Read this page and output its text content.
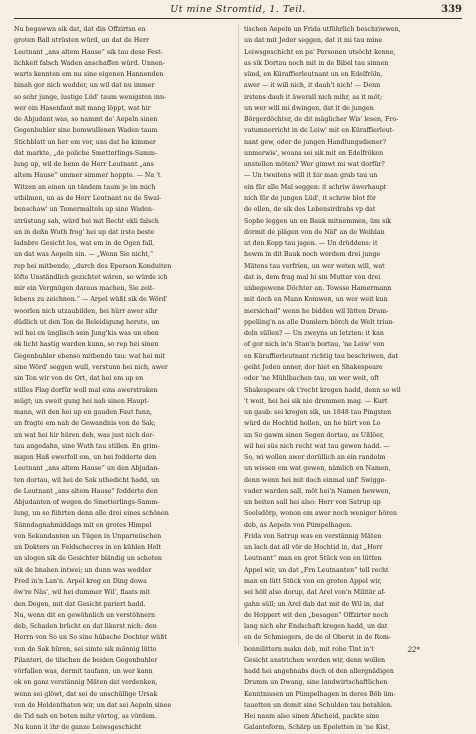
Ut mine Stromtid, 1. Teil.	339
Nu begawwn sik dat, dat din Offzirtsn en
groten Ball utrüsten würd, un dat de Herr
Leutnant „ans altem Hause“ sik tau dese Fest-
lichkeit falsch Waden anschaffen würd. Unnen-
warts kennten em nu sine eigenen Hannenden
binah gor nich wedder, un wil dat nu immer
so sehr junge, lustige Lüd' taum wenigsten inn-
wer ein Hasenfaut mit mang löppt, wat hir
de Abjudant was, so nammt de' Aepeln sinen
Gegenbuhler sine bomwullenen Waden taum
Stichblatt un her em vor, uns dat he kimmer
dat markte, „de poliche Smetterlings-Samm-
lung up, wil de benn de Herr Leutnant „ans
altem Hause“ ummer simmer hoppte. — Na 't
Witzen an einen un tändem taum je im mich
utbilmen, un as de Herr Leutnant nu de Swal-
benschaw' un Temermaltels up sine Waden-
utrüstung sah, würd hei mit Recht ekli falsch
un in deßn Wuth frog' hei up dat irste beste
ladnbre Gesicht los, wat em in de Ogen fall,
un dat was Aepeln sin. — „Wenn Sie nicht,“
rep hei mitbendo, „durch des Eperson Konduiten
löfte Unständlich gezichtet wären, so würde ich
mir ein Vergnügen daraus machen, Sie zeit-
lebens zu zeichnen.“ — Arpel wüßt sik de Wörd'
woorlen nich utzaubilden, hei hürr awer sihr
düdlich ut den Ton de Beleidigung herute, un
wil hei en ünglisch sein Jung'kis was un eben
ok licht hastig warden kunn, so rep hei sinen
Gegenbuhler ebenso mitbendo tau: wat hei mit
sine Wörd' seggen wull, verstunn hei nich, awer
sin Ton wir von de Ort, dat hei em up en
stilles Flag dorfür woll mal eins awerstraken
mügt; un sweit gung hei nah sinen Haupt-
mann, wit den hei up en gauden Faut funn,
un fragte em nah de Gewandnis von de Sak;
un wat hei hir hüren deb, was just nich dor-
tau angedahn, sine Wuth tau stillen. En grim-
migen Haß ewerfoll em, un hei fodderte den
Leutnant „ans altem Hause“ un den Abjudan-
ten dortau, wil hei de Sak uthedicht hadd, un
de Leutnant „ans altem Hause“ fodderte den
Abjudanten of wegen de Smetterlings-Samm-
lung, un so führten denn alle drei eines schönen
Sünndagnahmiddags mit en grotes Himpel
von Sekundanten un Tügen in Unparteiischen
un Dokters un Feldschecres in en kühlen Holt
un slogen sik de Gesichter bländig un schoten
sik de bnahen intwei; un dunn was wedder
Fred in'n Lan'n. Arpel kreg en Ding dowa
öw're Näs', wil hei dummer Wil', flaats mit
den Degen, mit dat Gesicht pariert hadd.
Nu, wenn dit en gewöhnlich un verstöhnern
deb, Schaden brücht en dat likerst nich: den
Herrn von So un So sine hübsche Dochter wüßt
von de Sak hüren, sei simte sik männig lütte
Pilanteri, de tilschen de beiden Gegenbuhler
vörfallen was, dermit taufann, un wer kann
ok en ganz verstännig Mäten dat verdenken,
wenn sei glöwt, dat sei de unschüllige Ursak
von de Heldenthaten wir, un dat sei Aepeln sinee
de Tid nah en beten mihr vörtog, as vördem.
Nu kunn it ihr de ganze Leiwsgeschicht
tischen Aepeln un Frida utführlich beschriwwen,
un dat mit Jeder seggen, dat it mi tau mine
Leiwsgeschicht en pa' Personen utsöcht kenne,
as sik Dortau noch mit in de Bibel tau sinnen
sünd, en Küraffierleutnant un en Edelfröln,
awer — it will nich, it dauh't nich! — Denn
irstens dauh it äwerall nich mihr, as it möt;
un wer will mi dwingen, dat it de jungen
Börgerdöchter, de dit mäglicher Wis' lesen, Fro-
vatumnerricht in de Leiw' mit en Küraffierleut-
nant gew, oder de jungen Handlungsdiener?
unmerwis', woans sei sik mit en Edelfröken
anstellen möten? Wer gimwt mi wat dorfür?
— Un tweitens will it hir man grab tau un
ein für alle Mal seggen: it schriw äwerhaupt
nich för de jungen Lüd', it schriw blot för
de ollen, de sik des Lebensirdrabs vp dat
Sophe leggen un en Bauk mitnemmen, üm sik
dormit de plägen von de Näf' an de Weiblan
ut den Kopp tau jagen. — Un drüddens: it
hewm in dit Bauk noch werdem drei junge
Mätens tau verfrien, un wer weten will, wat
dat is, dem frag mal bi sin Mutter von drei
unbegewene Döchter an. Towsse Hamermann
mit doch en Mann Komwen, un wer weit kun
mersichad“ wenn he bidden wil lütten Drum-
ppelling'n as alle Dumlern börch de Welt triun-
deln süllen? — Un zweyns un letzten: it kan
of gor nich in'n Stan'n bortau, 'ne Leiw' von
en Küraffierleutnant richtig tau beschriwen, dat
geiht Jeden anner, dor hiet en Shakespeare
oder 'ne Mühlbachen tau, un wer weit, oft
Shakespeare ok t'recht kregen hadd, denn so wil
't weit, hei hei sik nie dremmen mag. — Kurt
un gaub: sei kregen sik, un 1848 tau Pingsten
würd de Hochtid hollen, un he hürt von Lo
un So gawm sinen Segen dortau, as Ußlöer,
wil hei süs nich recht wat tau gewen hadd. —
So, wi wollen awer dorüllich an ein randolm
un wissen em wat gewen, nämlich en Namen,
denn wenn hei mit doch einmal unf' Swigge-
vader warden sall, möt hei'n Namen hewwen,
un heiten sall hei also: Herr von Satrup up
Seelsdörp, wonon em awer noch weniger hören
deb, as Aepeln von Pümpelhagen.
Frida von Satrup was en verstännig Mäten
un lach dat all vör de Hochtid in, dat „Herr
Leutnant“ man en grot Stück von en lütten
Appel wir, un dat „Frn Leutnanten“ tell recht
man en lütt Stück von en groten Appel wir,
sei höll also dorup, dat Arel von'n Militär af-
gahn süll; un Arel dab dat mit de Wil in, dat
de Hoppert wit den „besagen“ Offzirter noch
lang nich ehr Endschaft kregen hadd, un dat
en de Schmiegers, de de ol Oberst in de Rom-
bonnilittern makn deb, mit rohe Tint in't
Gesicht anstrichen worden wir, denn wollen
hadd hei angebnabs doch ol den allergnädigen
Drumm un Dwang, sine landwirtschaftlichen
Kenntnissen un Pümpelhagen in deres Böb üm-
tauetten un domit sine Schulden tau betahlen.
Hei naum also sinen Afscheid, packte sine
Galanteform, Schärp un Epoletten in 'ne Kist,
22*
